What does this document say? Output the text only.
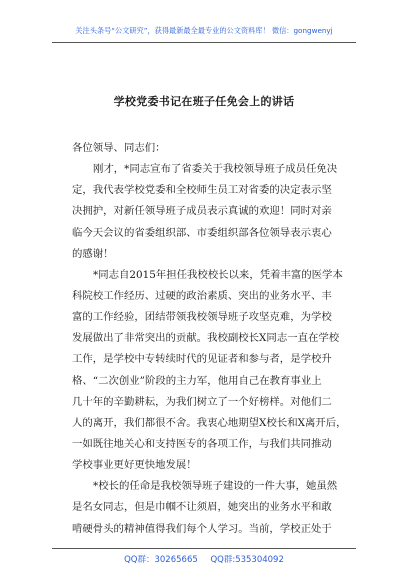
关注头条号“公文研究”，获得最新最全最专业的公文资料库！ 微信：gongwenyj
学校党委书记在班子任免会上的讲话
各位领导、同志们：
刚才，*同志宣布了省委关于我校领导班子成员任免决
定，我代表学校党委和全校师生员工对省委的决定表示坚
决拥护，对新任领导班子成员表示真诚的欢迎！同时对亲
临今天会议的省委组织部、市委组织部各位领导表示衷心
的感谢！
*同志自2015年担任我校校长以来，凭着丰富的医学本
科院校工作经历、过硬的政治素质、突出的业务水平、丰
富的工作经验，团结带领我校领导班子攻坚克难，为学校
发展做出了非常突出的贡献。我校副校长X同志一直在学校
工作，是学校中专转续时代的见证者和参与者，是学校升
格、“二次创业”阶段的主力军，他用自己在教育事业上
几十年的辛勤耕耘，为我们树立了一个好榜样。对他们二
人的离开，我们都很不舍。我衷心地期望X校长和X离开后，
一如既往地关心和支持医专的各项工作，与我们共同推动
学校事业更好更快地发展！
*校长的任命是我校领导班子建设的一件大事，她虽然
是名女同志，但是巾帼不让须眉，她突出的业务水平和敢
啃硬骨头的精神值得我们每个人学习。当前，学校正处于
QQ群：30265665 QQ群:535304092
